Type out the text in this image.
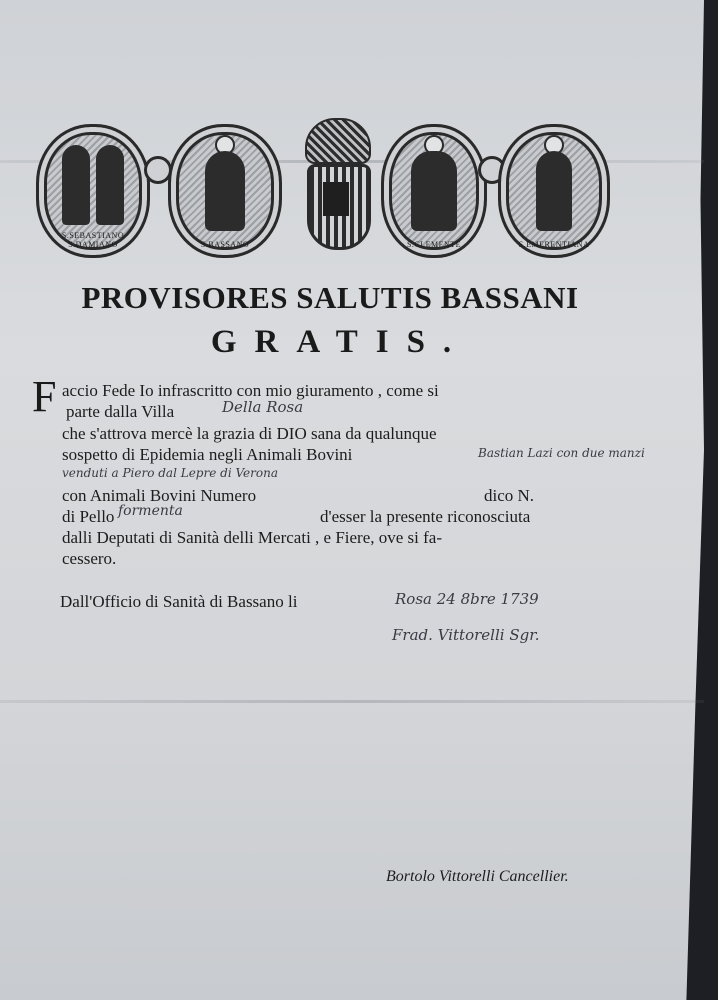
S.SEBASTIANO S.DAMIANO	S.BASSANO	S.CLEMENTE	S.EMERENTIANA
PROVISORES SALUTIS BASSANI
GRATIS.
F accio Fede Io infrascritto con mio giuramento , come si
parte dalla Villa	Della Rosa
che s'attrova mercè la grazia di DIO sana da qualunque
sospetto di Epidemia negli Animali Bovini	Bastian Lazi con due manzi
venduti a Piero dal Lepre di Verona
con Animali Bovini Numero	dico N.
di Pello formenta	d'esser la presente riconosciuta
dalli Deputati di Sanità delli Mercati , e Fiere, ove si fa-
cessero.
Dall'Officio di Sanità di Bassano li	Rosa 24 8bre 1739
Frad. Vittorelli Sgr.
Bortolo Vittorelli Cancellier.
